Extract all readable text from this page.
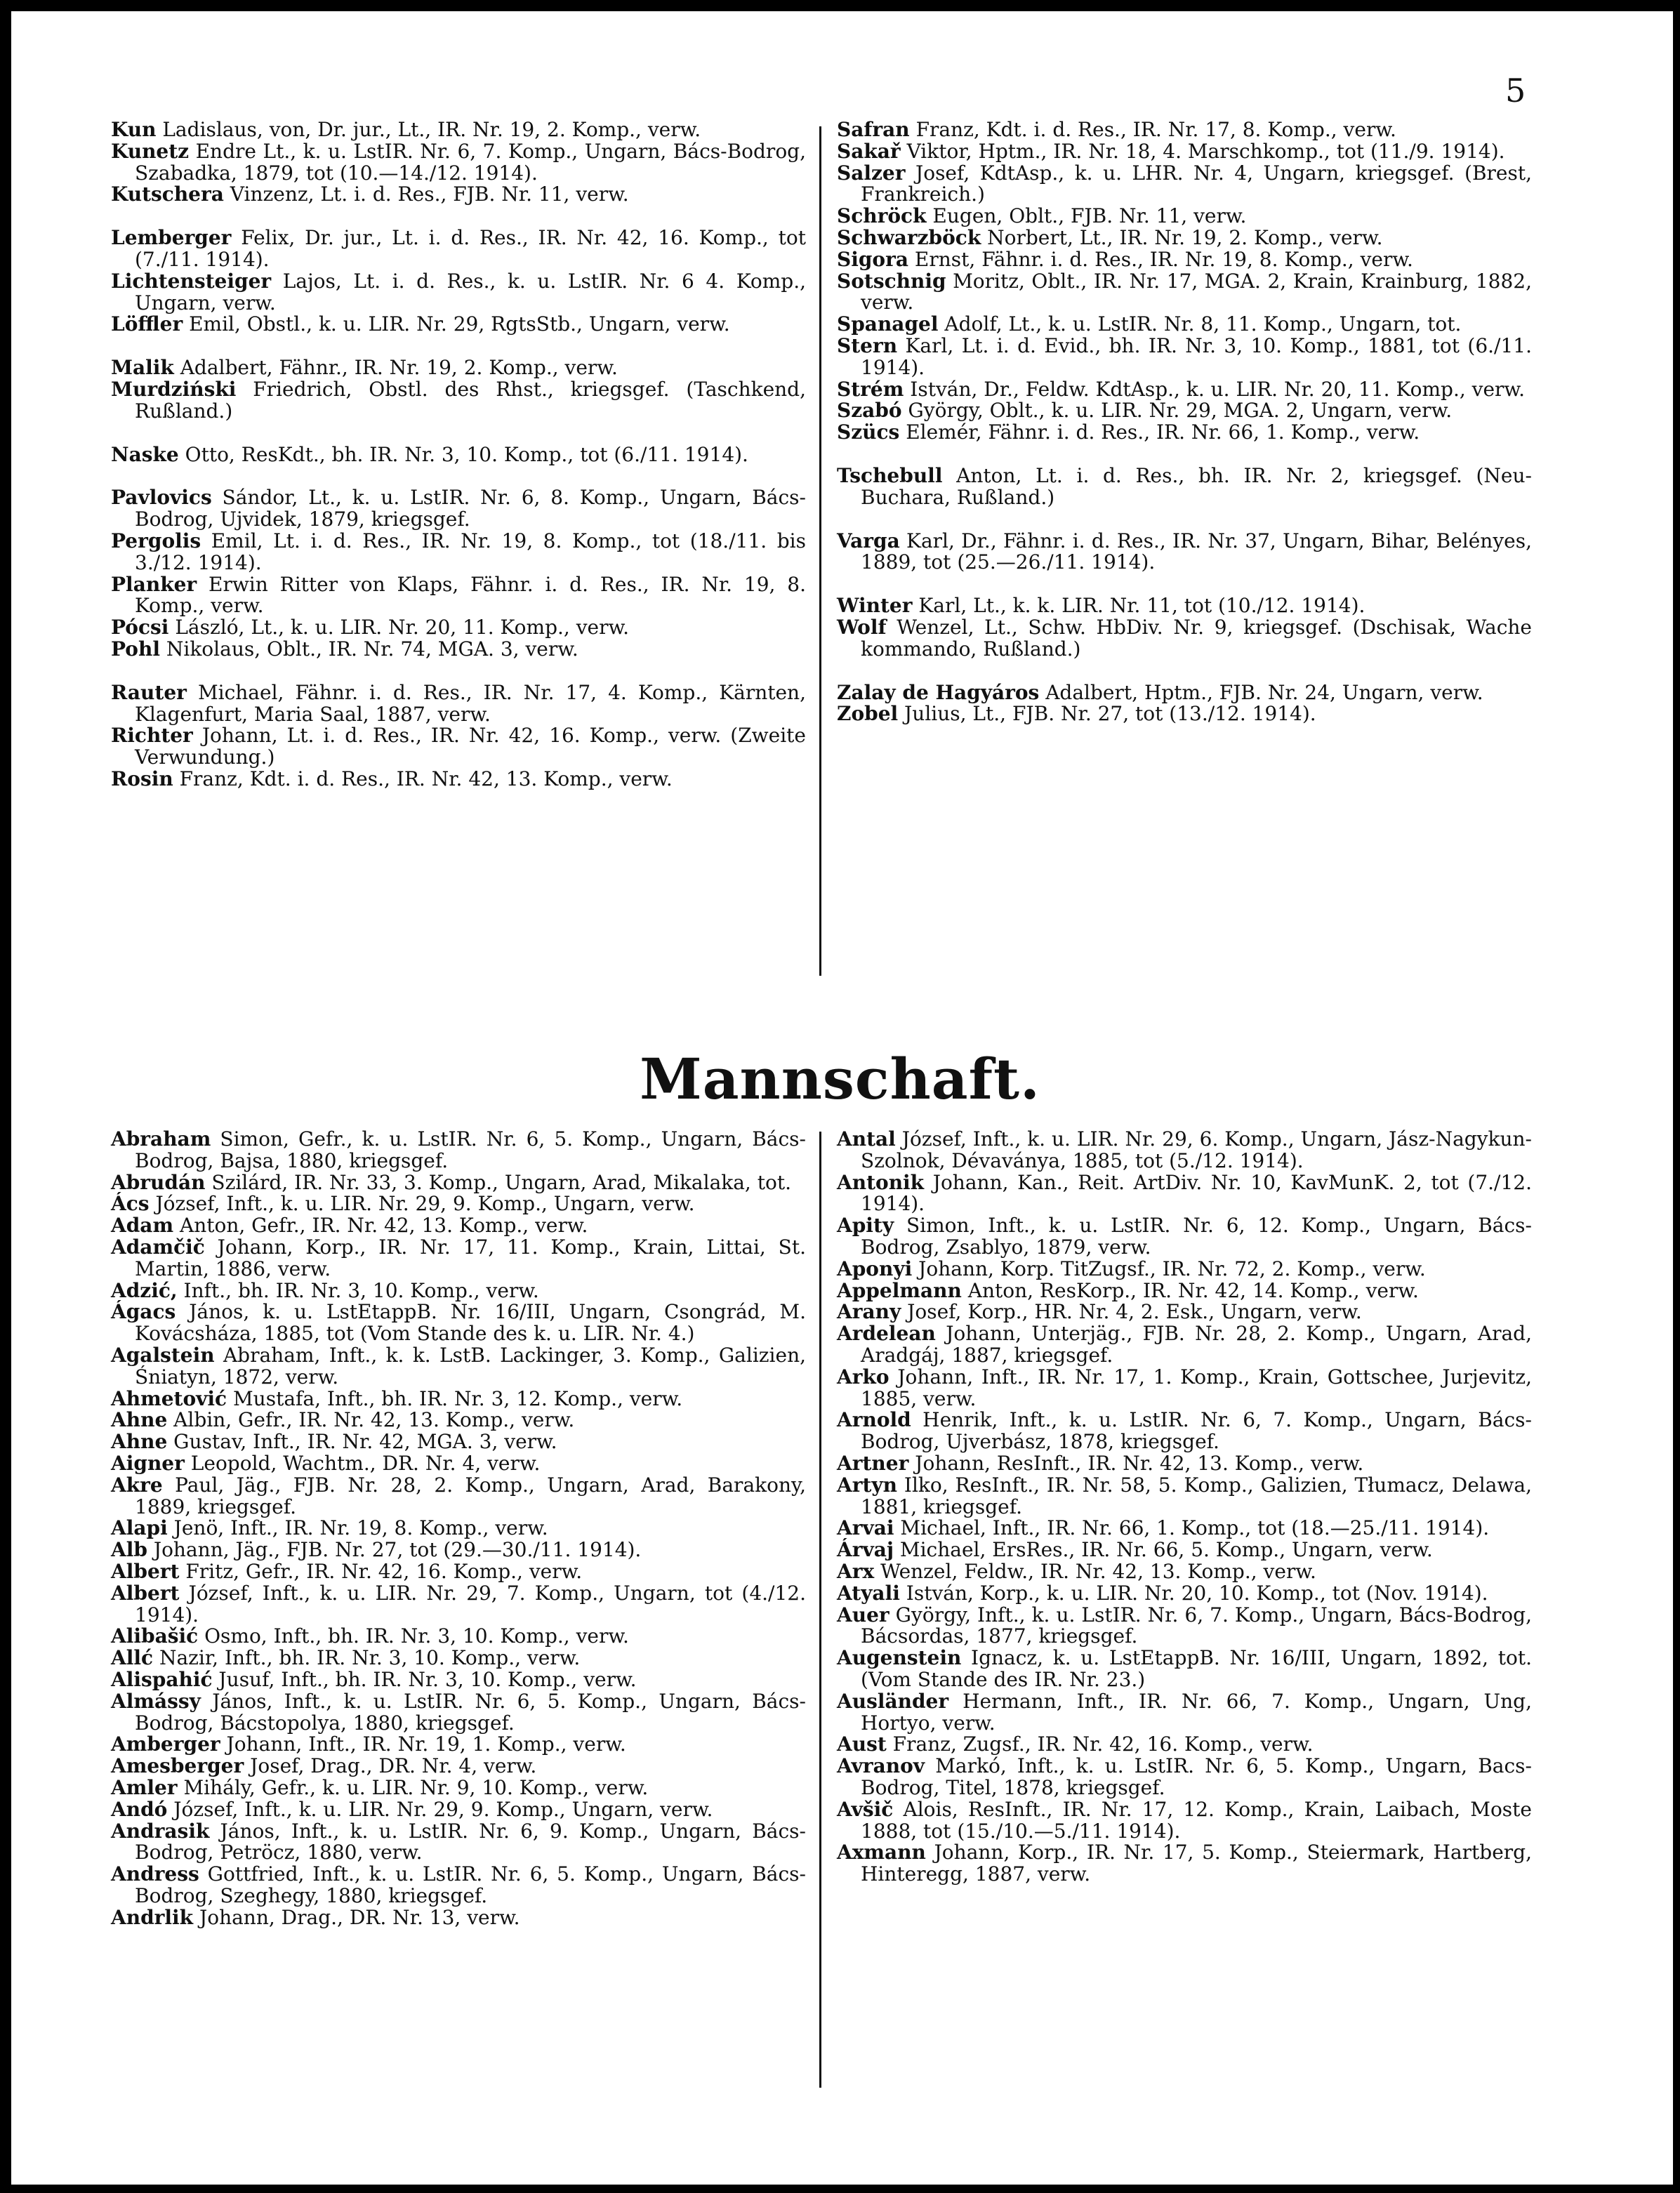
5

Kun Ladislaus, von, Dr. jur., Lt., IR. Nr. 19, 2. Komp., verw.

Kunetz Endre Lt., k. u. LstIR. Nr. 6, 7. Komp., Ungarn, Bács-Bodrog, Szabadka, 1879, tot (10.—14./12. 1914).

Kutschera Vinzenz, Lt. i. d. Res., FJB. Nr. 11, verw.

Lemberger Felix, Dr. jur., Lt. i. d. Res., IR. Nr. 42, 16. Komp., tot (7./11. 1914).

Lichtensteiger Lajos, Lt. i. d. Res., k. u. LstIR. Nr. 6 4. Komp., Ungarn, verw.

Löffler Emil, Obstl., k. u. LIR. Nr. 29, RgtsStb., Ungarn, verw.

Malik Adalbert, Fähnr., IR. Nr. 19, 2. Komp., verw.

Murdziński Friedrich, Obstl. des Rhst., kriegsgef. (Taschkend, Rußland.)

Naske Otto, ResKdt., bh. IR. Nr. 3, 10. Komp., tot (6./11. 1914).

Pavlovics Sándor, Lt., k. u. LstIR. Nr. 6, 8. Komp., Ungarn, Bács-Bodrog, Ujvidek, 1879, kriegsgef.

Pergolis Emil, Lt. i. d. Res., IR. Nr. 19, 8. Komp., tot (18./11. bis 3./12. 1914).

Planker Erwin Ritter von Klaps, Fähnr. i. d. Res., IR. Nr. 19, 8. Komp., verw.

Pócsi László, Lt., k. u. LIR. Nr. 20, 11. Komp., verw.

Pohl Nikolaus, Oblt., IR. Nr. 74, MGA. 3, verw.

Rauter Michael, Fähnr. i. d. Res., IR. Nr. 17, 4. Komp., Kärnten, Klagenfurt, Maria Saal, 1887, verw.

Richter Johann, Lt. i. d. Res., IR. Nr. 42, 16. Komp., verw. (Zweite Verwundung.)

Rosin Franz, Kdt. i. d. Res., IR. Nr. 42, 13. Komp., verw.

Safran Franz, Kdt. i. d. Res., IR. Nr. 17, 8. Komp., verw.

Sakař Viktor, Hptm., IR. Nr. 18, 4. Marschkomp., tot (11./9. 1914).

Salzer Josef, KdtAsp., k. u. LHR. Nr. 4, Ungarn, kriegsgef. (Brest, Frankreich.)

Schröck Eugen, Oblt., FJB. Nr. 11, verw.

Schwarzböck Norbert, Lt., IR. Nr. 19, 2. Komp., verw.

Sigora Ernst, Fähnr. i. d. Res., IR. Nr. 19, 8. Komp., verw.

Sotschnig Moritz, Oblt., IR. Nr. 17, MGA. 2, Krain, Krainburg, 1882, verw.

Spanagel Adolf, Lt., k. u. LstIR. Nr. 8, 11. Komp., Ungarn, tot.

Stern Karl, Lt. i. d. Evid., bh. IR. Nr. 3, 10. Komp., 1881, tot (6./11. 1914).

Strém István, Dr., Feldw. KdtAsp., k. u. LIR. Nr. 20, 11. Komp., verw.

Szabó György, Oblt., k. u. LIR. Nr. 29, MGA. 2, Ungarn, verw.

Szücs Elemér, Fähnr. i. d. Res., IR. Nr. 66, 1. Komp., verw.

Tschebull Anton, Lt. i. d. Res., bh. IR. Nr. 2, kriegsgef. (Neu-Buchara, Rußland.)

Varga Karl, Dr., Fähnr. i. d. Res., IR. Nr. 37, Ungarn, Bihar, Belényes, 1889, tot (25.—26./11. 1914).

Winter Karl, Lt., k. k. LIR. Nr. 11, tot (10./12. 1914).

Wolf Wenzel, Lt., Schw. HbDiv. Nr. 9, kriegsgef. (Dschisak, Wache kommando, Rußland.)

Zalay de Hagyáros Adalbert, Hptm., FJB. Nr. 24, Ungarn, verw.

Zobel Julius, Lt., FJB. Nr. 27, tot (13./12. 1914).

Mannschaft.

Abraham Simon, Gefr., k. u. LstIR. Nr. 6, 5. Komp., Ungarn, Bács-Bodrog, Bajsa, 1880, kriegsgef.

Abrudán Szilárd, IR. Nr. 33, 3. Komp., Ungarn, Arad, Mikalaka, tot.

Ács József, Inft., k. u. LIR. Nr. 29, 9. Komp., Ungarn, verw.

Adam Anton, Gefr., IR. Nr. 42, 13. Komp., verw.

Adamčič Johann, Korp., IR. Nr. 17, 11. Komp., Krain, Littai, St. Martin, 1886, verw.

Adzić, Inft., bh. IR. Nr. 3, 10. Komp., verw.

Ágacs János, k. u. LstEtappB. Nr. 16/III, Ungarn, Csongrád, M. Kovácsháza, 1885, tot (Vom Stande des k. u. LIR. Nr. 4.)

Agalstein Abraham, Inft., k. k. LstB. Lackinger, 3. Komp., Galizien, Śniatyn, 1872, verw.

Ahmetović Mustafa, Inft., bh. IR. Nr. 3, 12. Komp., verw.

Ahne Albin, Gefr., IR. Nr. 42, 13. Komp., verw.

Ahne Gustav, Inft., IR. Nr. 42, MGA. 3, verw.

Aigner Leopold, Wachtm., DR. Nr. 4, verw.

Akre Paul, Jäg., FJB. Nr. 28, 2. Komp., Ungarn, Arad, Barakony, 1889, kriegsgef.

Alapi Jenö, Inft., IR. Nr. 19, 8. Komp., verw.

Alb Johann, Jäg., FJB. Nr. 27, tot (29.—30./11. 1914).

Albert Fritz, Gefr., IR. Nr. 42, 16. Komp., verw.

Albert József, Inft., k. u. LIR. Nr. 29, 7. Komp., Ungarn, tot (4./12. 1914).

Alibašić Osmo, Inft., bh. IR. Nr. 3, 10. Komp., verw.

Allć Nazir, Inft., bh. IR. Nr. 3, 10. Komp., verw.

Alispahić Jusuf, Inft., bh. IR. Nr. 3, 10. Komp., verw.

Almássy János, Inft., k. u. LstIR. Nr. 6, 5. Komp., Ungarn, Bács-Bodrog, Bácstopolya, 1880, kriegsgef.

Amberger Johann, Inft., IR. Nr. 19, 1. Komp., verw.

Amesberger Josef, Drag., DR. Nr. 4, verw.

Amler Mihály, Gefr., k. u. LIR. Nr. 9, 10. Komp., verw.

Andó József, Inft., k. u. LIR. Nr. 29, 9. Komp., Ungarn, verw.

Andrasik János, Inft., k. u. LstIR. Nr. 6, 9. Komp., Ungarn, Bács-Bodrog, Petröcz, 1880, verw.

Andress Gottfried, Inft., k. u. LstIR. Nr. 6, 5. Komp., Ungarn, Bács-Bodrog, Szeghegy, 1880, kriegsgef.

Andrlik Johann, Drag., DR. Nr. 13, verw.

Antal József, Inft., k. u. LIR. Nr. 29, 6. Komp., Ungarn, Jász-Nagykun-Szolnok, Dévaványa, 1885, tot (5./12. 1914).

Antonik Johann, Kan., Reit. ArtDiv. Nr. 10, KavMunK. 2, tot (7./12. 1914).

Apity Simon, Inft., k. u. LstIR. Nr. 6, 12. Komp., Ungarn, Bács-Bodrog, Zsablyo, 1879, verw.

Aponyi Johann, Korp. TitZugsf., IR. Nr. 72, 2. Komp., verw.

Appelmann Anton, ResKorp., IR. Nr. 42, 14. Komp., verw.

Arany Josef, Korp., HR. Nr. 4, 2. Esk., Ungarn, verw.

Ardelean Johann, Unterjäg., FJB. Nr. 28, 2. Komp., Ungarn, Arad, Aradgáj, 1887, kriegsgef.

Arko Johann, Inft., IR. Nr. 17, 1. Komp., Krain, Gottschee, Jurjevitz, 1885, verw.

Arnold Henrik, Inft., k. u. LstIR. Nr. 6, 7. Komp., Ungarn, Bács-Bodrog, Ujverbász, 1878, kriegsgef.

Artner Johann, ResInft., IR. Nr. 42, 13. Komp., verw.

Artyn Ilko, ResInft., IR. Nr. 58, 5. Komp., Galizien, Tłumacz, Delawa, 1881, kriegsgef.

Arvai Michael, Inft., IR. Nr. 66, 1. Komp., tot (18.—25./11. 1914).

Árvaj Michael, ErsRes., IR. Nr. 66, 5. Komp., Ungarn, verw.

Arx Wenzel, Feldw., IR. Nr. 42, 13. Komp., verw.

Atyali István, Korp., k. u. LIR. Nr. 20, 10. Komp., tot (Nov. 1914).

Auer György, Inft., k. u. LstIR. Nr. 6, 7. Komp., Ungarn, Bács-Bodrog, Bácsordas, 1877, kriegsgef.

Augenstein Ignacz, k. u. LstEtappB. Nr. 16/III, Ungarn, 1892, tot. (Vom Stande des IR. Nr. 23.)

Ausländer Hermann, Inft., IR. Nr. 66, 7. Komp., Ungarn, Ung, Hortyo, verw.

Aust Franz, Zugsf., IR. Nr. 42, 16. Komp., verw.

Avranov Markó, Inft., k. u. LstIR. Nr. 6, 5. Komp., Ungarn, Bacs-Bodrog, Titel, 1878, kriegsgef.

Avšič Alois, ResInft., IR. Nr. 17, 12. Komp., Krain, Laibach, Moste 1888, tot (15./10.—5./11. 1914).

Axmann Johann, Korp., IR. Nr. 17, 5. Komp., Steiermark, Hartberg, Hinteregg, 1887, verw.
